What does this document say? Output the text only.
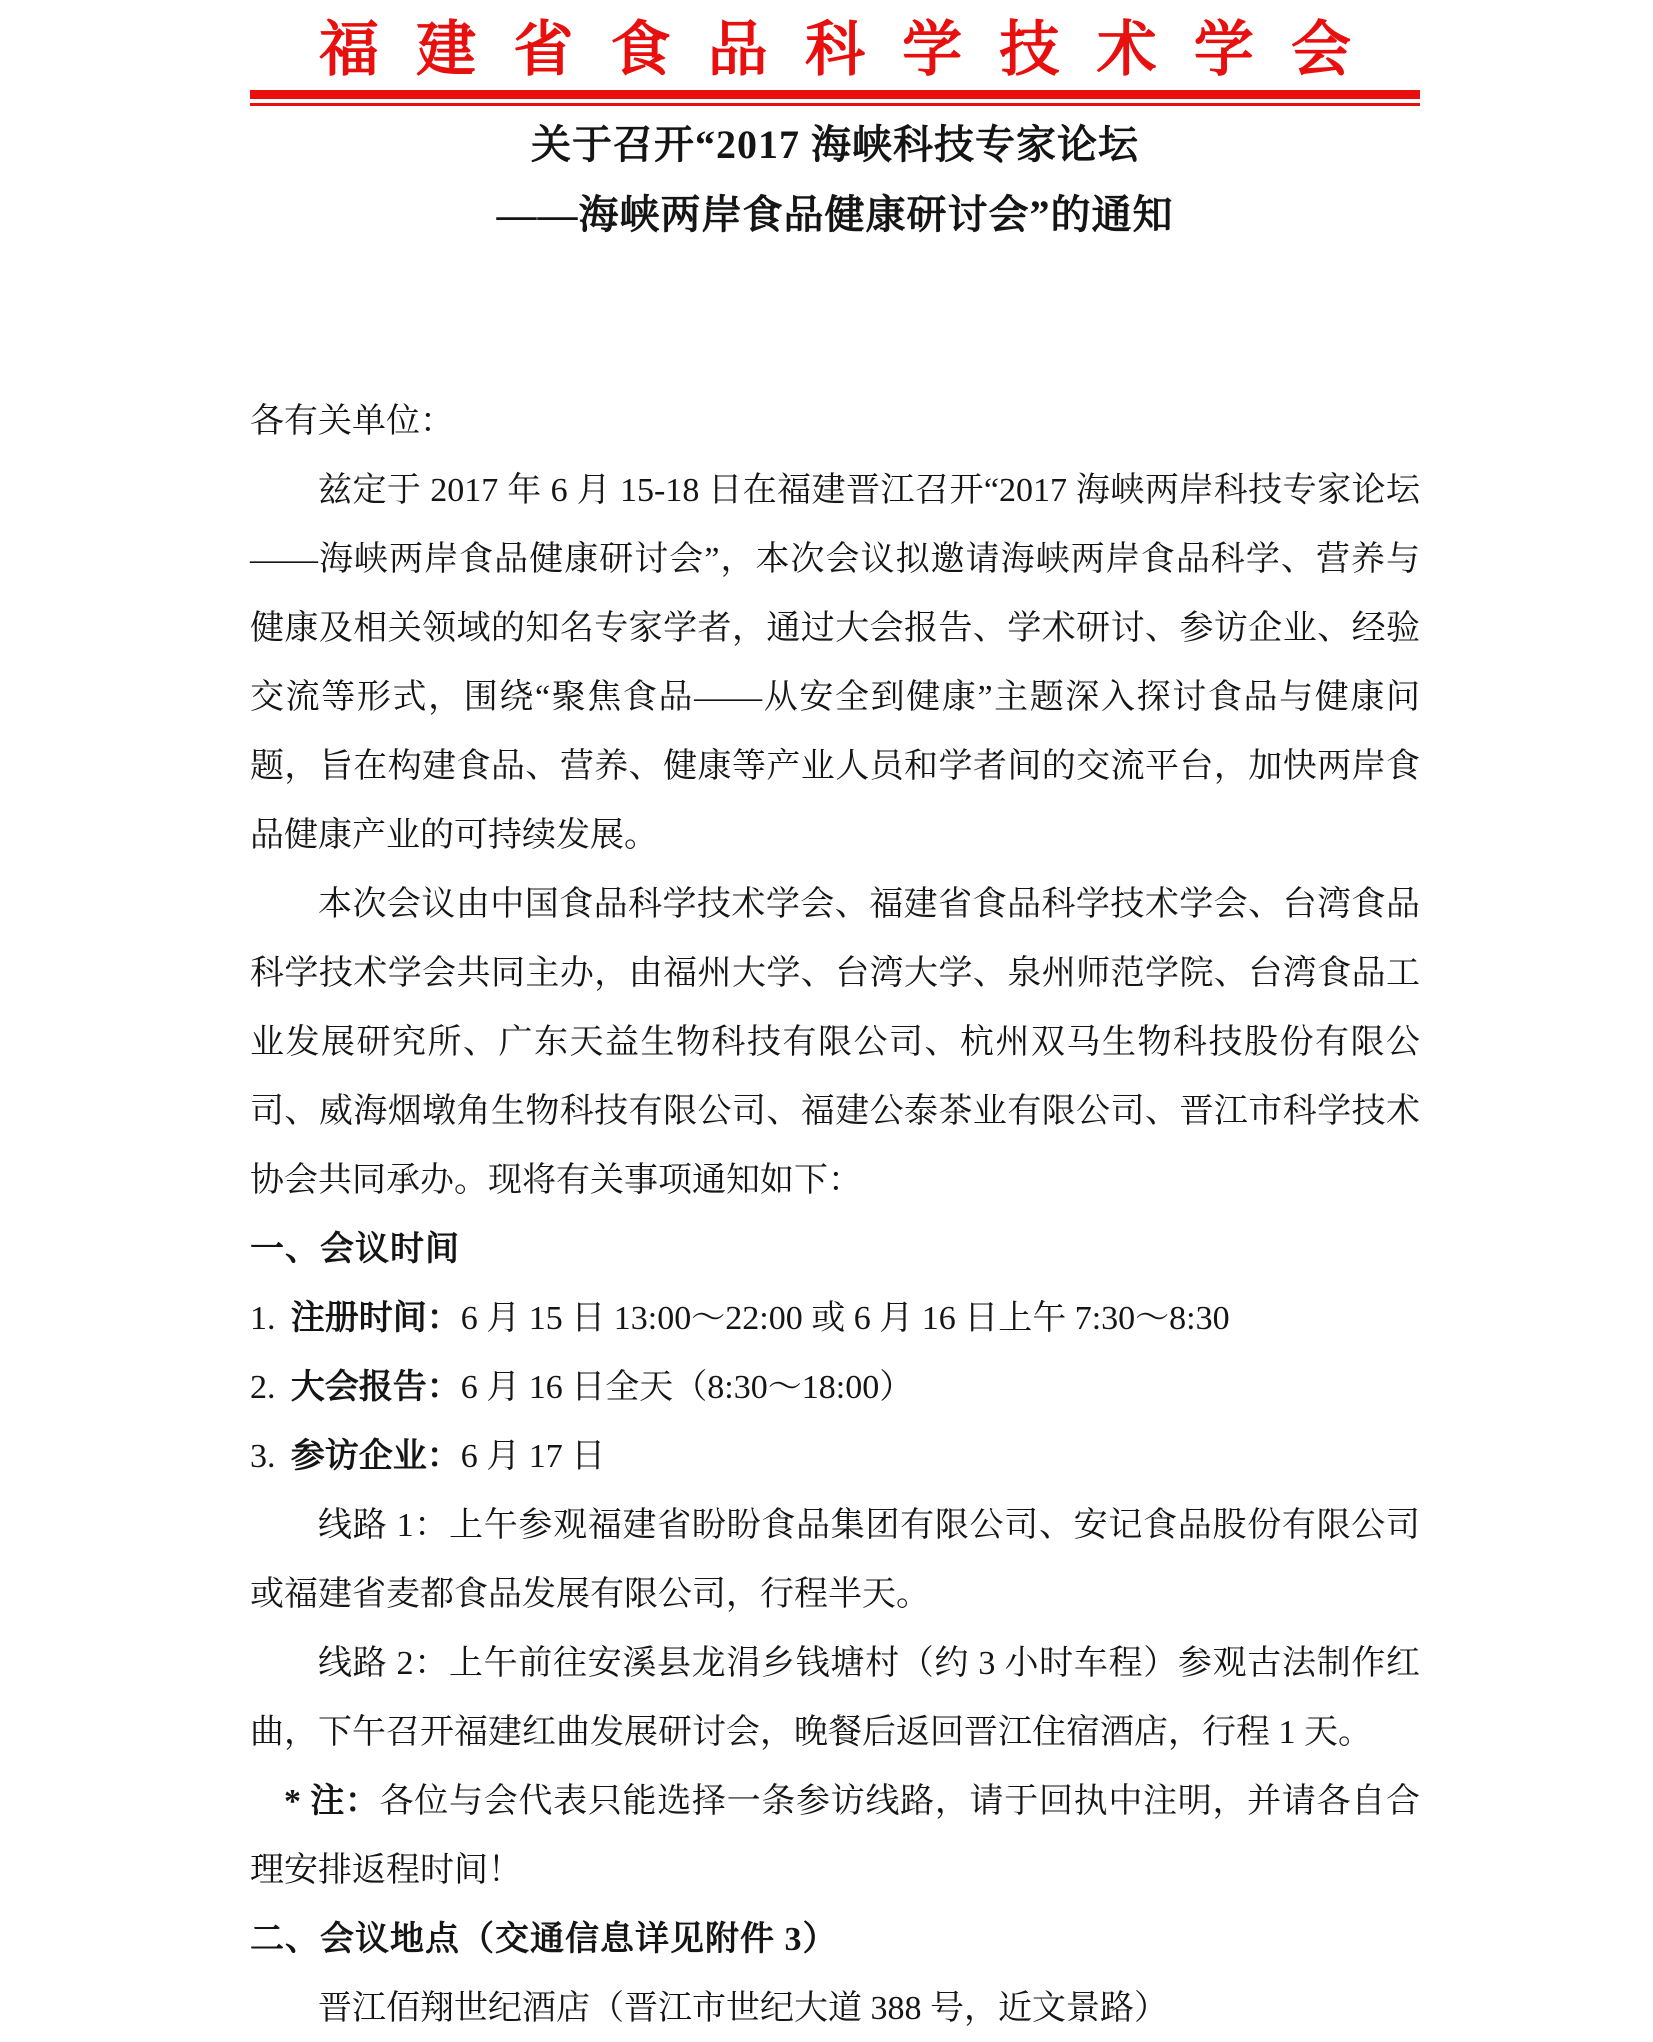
福建省食品科学技术学会
关于召开“2017 海峡科技专家论坛
——海峡两岸食品健康研讨会”的通知

各有关单位：

兹定于 2017 年 6 月 15-18 日在福建晋江召开“2017 海峡两岸科技专家论坛——海峡两岸食品健康研讨会”，本次会议拟邀请海峡两岸食品科学、营养与健康及相关领域的知名专家学者，通过大会报告、学术研讨、参访企业、经验交流等形式，围绕“聚焦食品——从安全到健康”主题深入探讨食品与健康问题，旨在构建食品、营养、健康等产业人员和学者间的交流平台，加快两岸食品健康产业的可持续发展。

本次会议由中国食品科学技术学会、福建省食品科学技术学会、台湾食品科学技术学会共同主办，由福州大学、台湾大学、泉州师范学院、台湾食品工业发展研究所、广东天益生物科技有限公司、杭州双马生物科技股份有限公司、威海烟墩角生物科技有限公司、福建公泰茶业有限公司、晋江市科学技术协会共同承办。现将有关事项通知如下：

一、会议时间
1. 注册时间：6 月 15 日 13:00～22:00 或 6 月 16 日上午 7:30～8:30
2. 大会报告：6 月 16 日全天（8:30～18:00）
3. 参访企业：6 月 17 日

线路 1：上午参观福建省盼盼食品集团有限公司、安记食品股份有限公司或福建省麦都食品发展有限公司，行程半天。

线路 2：上午前往安溪县龙涓乡钱塘村（约 3 小时车程）参观古法制作红曲，下午召开福建红曲发展研讨会，晚餐后返回晋江住宿酒店，行程 1 天。

* 注：各位与会代表只能选择一条参访线路，请于回执中注明，并请各自合理安排返程时间！

二、会议地点（交通信息详见附件 3）

晋江佰翔世纪酒店（晋江市世纪大道 388 号，近文景路）
